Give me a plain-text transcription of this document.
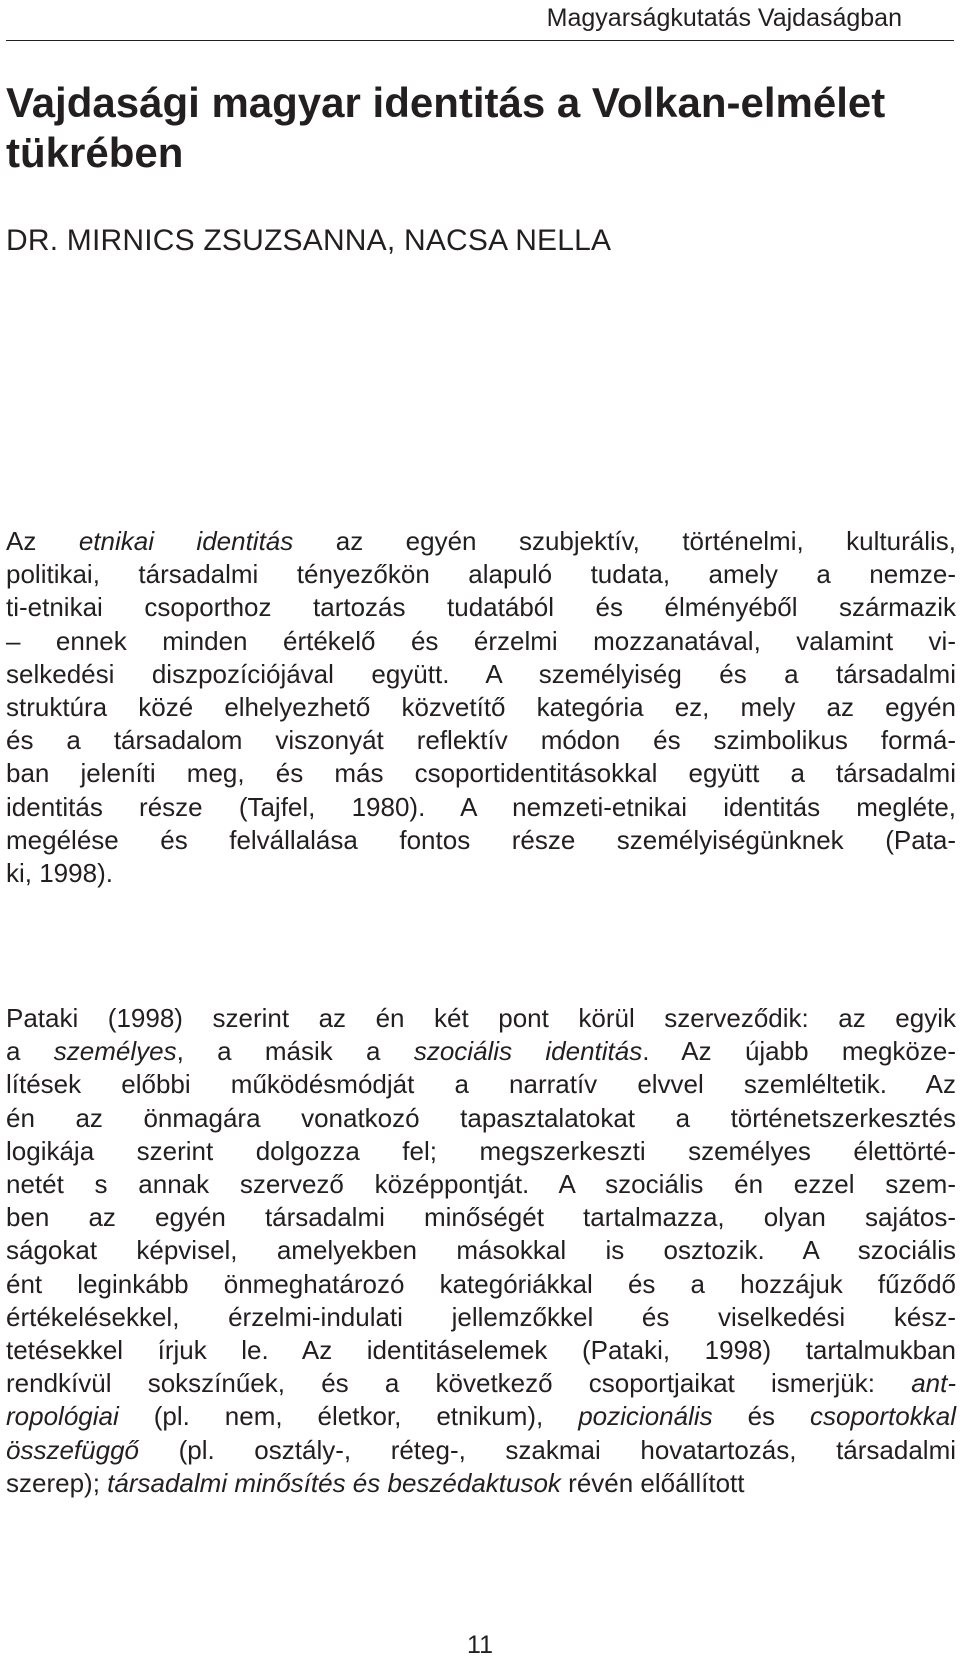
Magyarságkutatás Vajdaságban
Vajdasági magyar identitás a Volkan-elmélet tükrében
DR. MIRNICS ZSUZSANNA, NACSA NELLA
Az etnikai identitás az egyén szubjektív, történelmi, kulturális,
politikai, társadalmi tényezőkön alapuló tudata, amely a nemze-
ti-etnikai csoporthoz tartozás tudatából és élményéből származik
– ennek minden értékelő és érzelmi mozzanatával, valamint vi-
selkedési diszpozíciójával együtt. A személyiség és a társadalmi
struktúra közé elhelyezhető közvetítő kategória ez, mely az egyén
és a társadalom viszonyát reflektív módon és szimbolikus formá-
ban jeleníti meg, és más csoportidentitásokkal együtt a társadalmi
identitás része (Tajfel, 1980). A nemzeti-etnikai identitás megléte,
megélése és felvállalása fontos része személyiségünknek (Pata-
ki, 1998).
Pataki (1998) szerint az én két pont körül szerveződik: az egyik
a személyes, a másik a szociális identitás. Az újabb megköze-
lítések előbbi működésmódját a narratív elvvel szemléltetik. Az
én az önmagára vonatkozó tapasztalatokat a történetszerkesztés
logikája szerint dolgozza fel; megszerkeszti személyes élettörté-
netét s annak szervező középpontját. A szociális én ezzel szem-
ben az egyén társadalmi minőségét tartalmazza, olyan sajátos-
ságokat képvisel, amelyekben másokkal is osztozik. A szociális
ént leginkább önmeghatározó kategóriákkal és a hozzájuk fűződő
értékelésekkel, érzelmi-indulati jellemzőkkel és viselkedési kész-
tetésekkel írjuk le. Az identitáselemek (Pataki, 1998) tartalmukban
rendkívül sokszínűek, és a következő csoportjaikat ismerjük: ant-
ropológiai (pl. nem, életkor, etnikum), pozicionális és csoportokkal
összefüggő (pl. osztály-, réteg-, szakmai hovatartozás, társadalmi
szerep); társadalmi minősítés és beszédaktusok révén előállított
11
